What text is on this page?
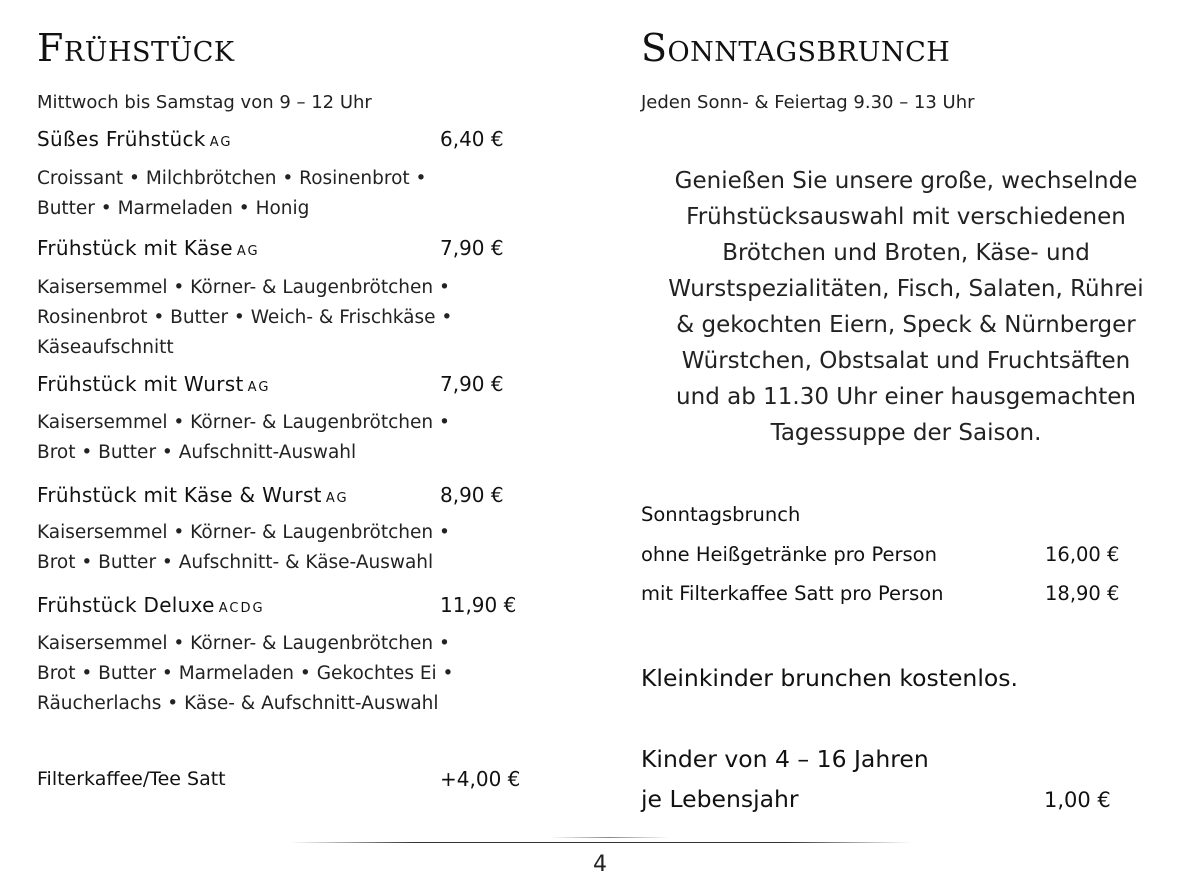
Frühstück
Mittwoch bis Samstag von 9 – 12 Uhr
Süßes Frühstück AG	6,40 €
Croissant • Milchbrötchen • Rosinenbrot •
Butter • Marmeladen • Honig
Frühstück mit Käse AG	7,90 €
Kaisersemmel • Körner- & Laugenbrötchen •
Rosinenbrot • Butter • Weich- & Frischkäse •
Käseaufschnitt
Frühstück mit Wurst AG	7,90 €
Kaisersemmel • Körner- & Laugenbrötchen •
Brot • Butter • Aufschnitt-Auswahl
Frühstück mit Käse & Wurst AG	8,90 €
Kaisersemmel • Körner- & Laugenbrötchen •
Brot • Butter • Aufschnitt- & Käse-Auswahl
Frühstück Deluxe ACDG	11,90 €
Kaisersemmel • Körner- & Laugenbrötchen •
Brot • Butter • Marmeladen • Gekochtes Ei •
Räucherlachs • Käse- & Aufschnitt-Auswahl
Filterkaffee/Tee Satt	+4,00 €
Sonntagsbrunch
Jeden Sonn- & Feiertag 9.30 – 13 Uhr
Genießen Sie unsere große, wechselnde
Frühstücksauswahl mit verschiedenen
Brötchen und Broten, Käse- und
Wurstspezialitäten, Fisch, Salaten, Rührei
& gekochten Eiern, Speck & Nürnberger
Würstchen, Obstsalat und Fruchtsäften
und ab 11.30 Uhr einer hausgemachten
Tagessuppe der Saison.
Sonntagsbrunch
ohne Heißgetränke pro Person	16,00 €
mit Filterkaffee Satt pro Person	18,90 €
Kleinkinder brunchen kostenlos.
Kinder von 4 – 16 Jahren
je Lebensjahr	1,00 €
4
